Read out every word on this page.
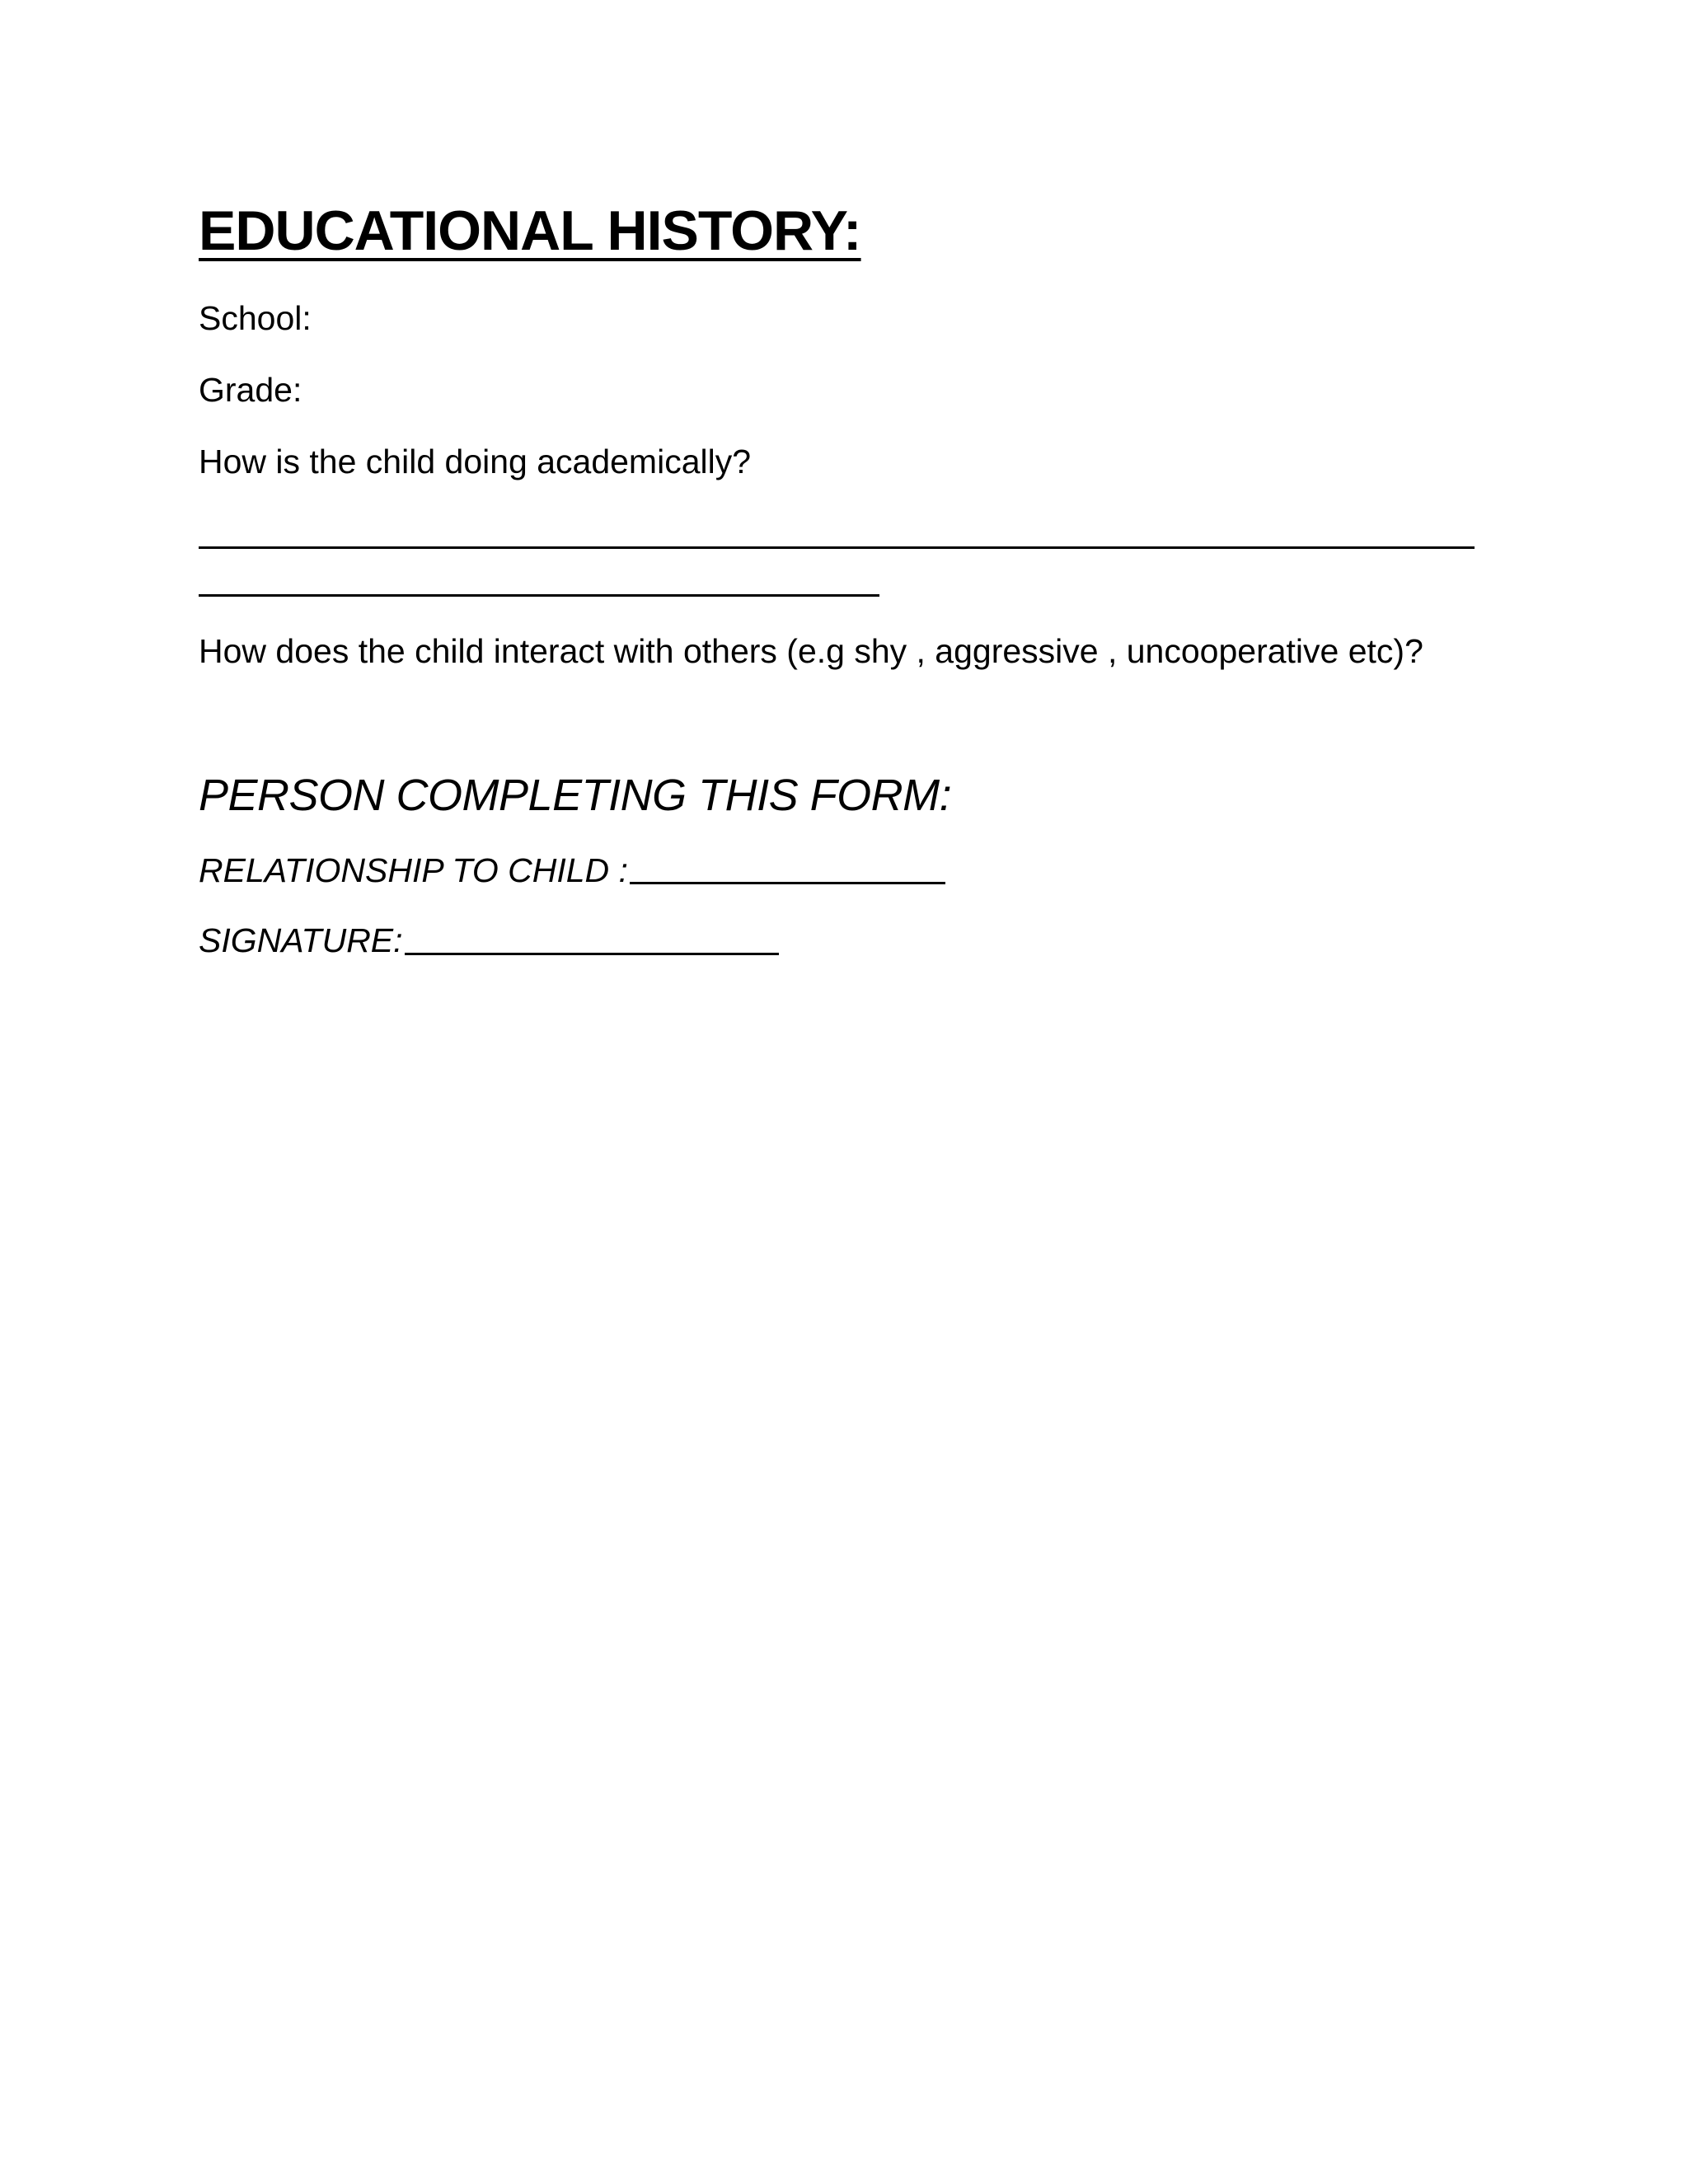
EDUCATIONAL HISTORY:
School:
Grade:
How is the child doing academically?
How does the child interact with others (e.g shy , aggressive , uncooperative etc)?
PERSON COMPLETING THIS FORM:
RELATIONSHIP TO CHILD :
SIGNATURE:
